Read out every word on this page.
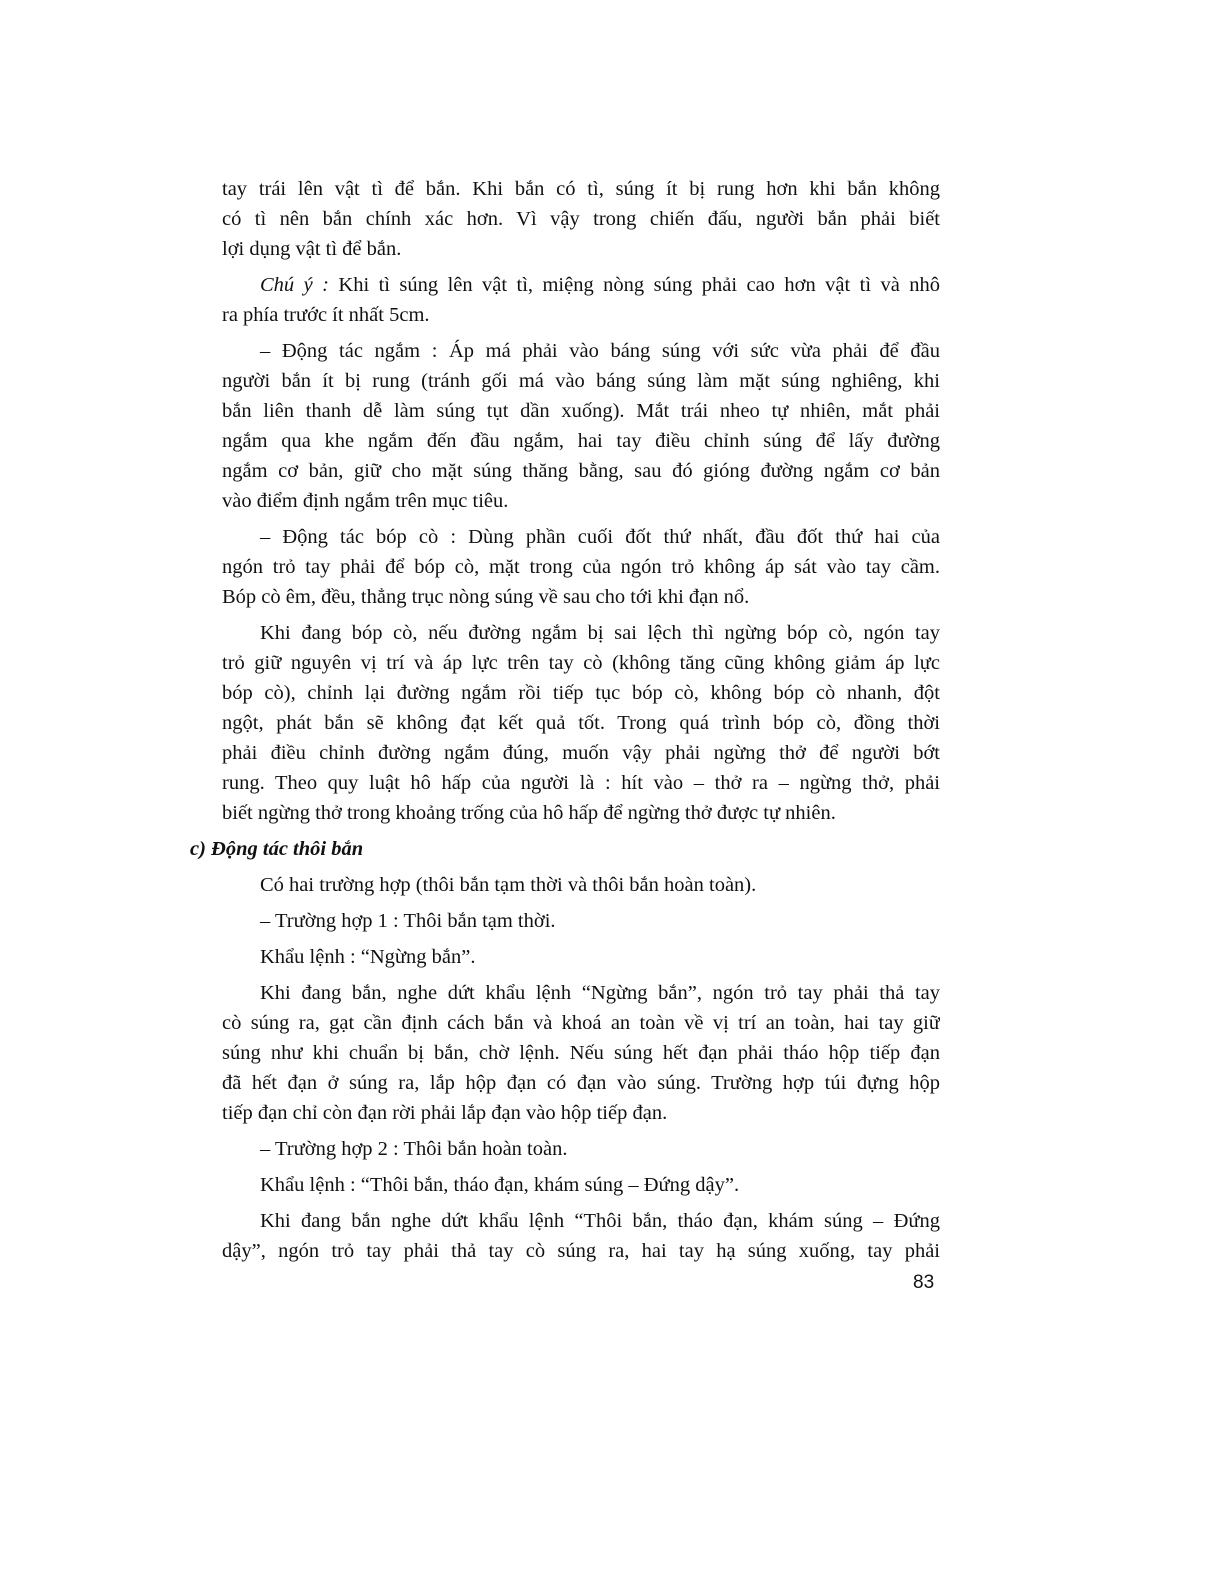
tay trái lên vật tì để bắn. Khi bắn có tì, súng ít bị rung hơn khi bắn không
có tì nên bắn chính xác hơn. Vì vậy trong chiến đấu, người bắn phải biết
lợi dụng vật tì để bắn.
Chú ý : Khi tì súng lên vật tì, miệng nòng súng phải cao hơn vật tì và nhô
ra phía trước ít nhất 5cm.
– Động tác ngắm : Áp má phải vào báng súng với sức vừa phải để đầu
người bắn ít bị rung (tránh gối má vào báng súng làm mặt súng nghiêng, khi
bắn liên thanh dễ làm súng tụt dần xuống). Mắt trái nheo tự nhiên, mắt phải
ngắm qua khe ngắm đến đầu ngắm, hai tay điều chỉnh súng để lấy đường
ngắm cơ bản, giữ cho mặt súng thăng bằng, sau đó gióng đường ngắm cơ bản
vào điểm định ngắm trên mục tiêu.
– Động tác bóp cò : Dùng phần cuối đốt thứ nhất, đầu đốt thứ hai của
ngón trỏ tay phải để bóp cò, mặt trong của ngón trỏ không áp sát vào tay cầm.
Bóp cò êm, đều, thẳng trục nòng súng về sau cho tới khi đạn nổ.
Khi đang bóp cò, nếu đường ngắm bị sai lệch thì ngừng bóp cò, ngón tay
trỏ giữ nguyên vị trí và áp lực trên tay cò (không tăng cũng không giảm áp lực
bóp cò), chỉnh lại đường ngắm rồi tiếp tục bóp cò, không bóp cò nhanh, đột
ngột, phát bắn sẽ không đạt kết quả tốt. Trong quá trình bóp cò, đồng thời
phải điều chỉnh đường ngắm đúng, muốn vậy phải ngừng thở để người bớt
rung. Theo quy luật hô hấp của người là : hít vào – thở ra – ngừng thở, phải
biết ngừng thở trong khoảng trống của hô hấp để ngừng thở được tự nhiên.
c) Động tác thôi bắn
Có hai trường hợp (thôi bắn tạm thời và thôi bắn hoàn toàn).
– Trường hợp 1 : Thôi bắn tạm thời.
Khẩu lệnh : “Ngừng bắn”.
Khi đang bắn, nghe dứt khẩu lệnh “Ngừng bắn”, ngón trỏ tay phải thả tay
cò súng ra, gạt cần định cách bắn và khoá an toàn về vị trí an toàn, hai tay giữ
súng như khi chuẩn bị bắn, chờ lệnh. Nếu súng hết đạn phải tháo hộp tiếp đạn
đã hết đạn ở súng ra, lắp hộp đạn có đạn vào súng. Trường hợp túi đựng hộp
tiếp đạn chỉ còn đạn rời phải lắp đạn vào hộp tiếp đạn.
– Trường hợp 2 : Thôi bắn hoàn toàn.
Khẩu lệnh : “Thôi bắn, tháo đạn, khám súng – Đứng dậy”.
Khi đang bắn nghe dứt khẩu lệnh “Thôi bắn, tháo đạn, khám súng – Đứng
dậy”, ngón trỏ tay phải thả tay cò súng ra, hai tay hạ súng xuống, tay phải
83
